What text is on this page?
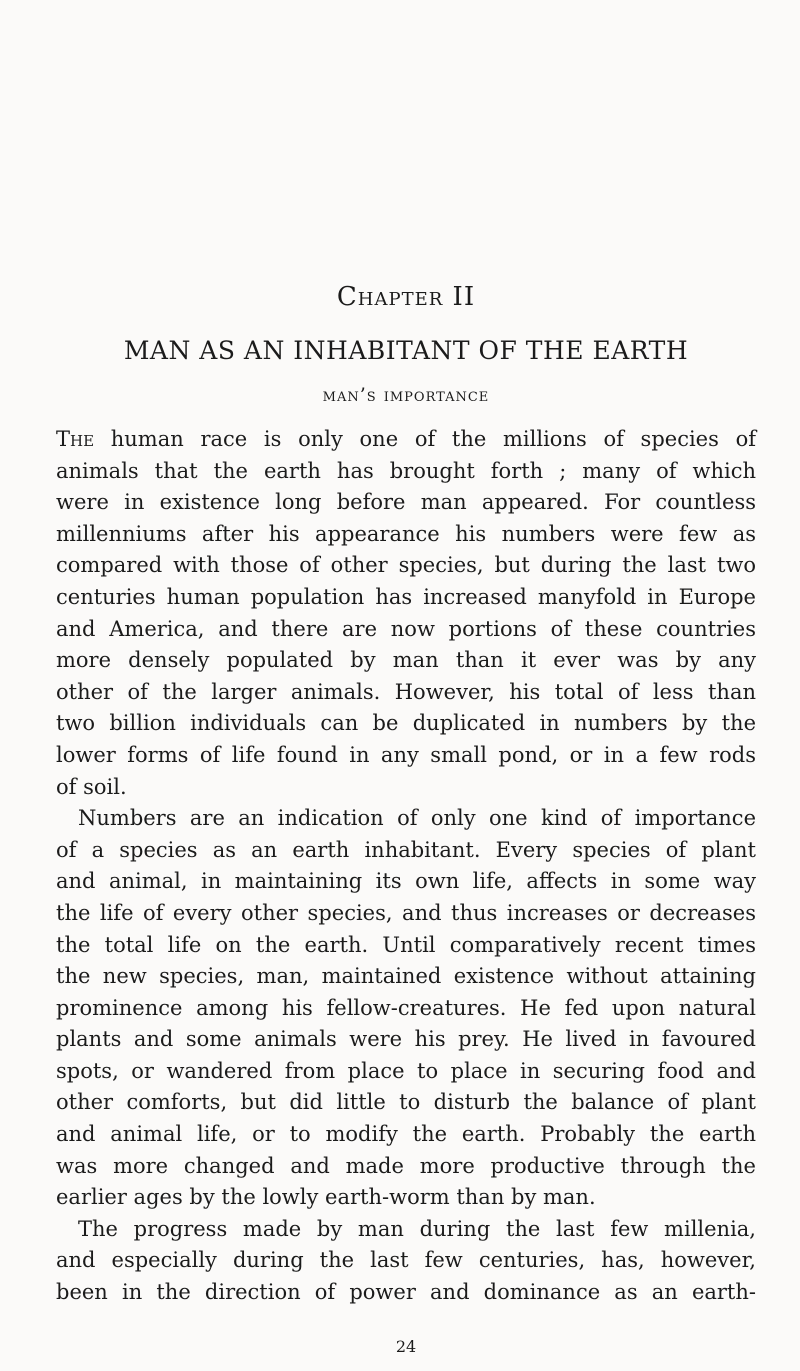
Chapter II
MAN AS AN INHABITANT OF THE EARTH
man’s importance
The human race is only one of the millions of species of
animals that the earth has brought forth ; many of which
were in existence long before man appeared. For countless
millenniums after his appearance his numbers were few as
compared with those of other species, but during the last two
centuries human population has increased manyfold in Europe
and America, and there are now portions of these countries
more densely populated by man than it ever was by any
other of the larger animals. However, his total of less than
two billion individuals can be duplicated in numbers by the
lower forms of life found in any small pond, or in a few rods
of soil.
Numbers are an indication of only one kind of importance
of a species as an earth inhabitant. Every species of plant
and animal, in maintaining its own life, affects in some way
the life of every other species, and thus increases or decreases
the total life on the earth. Until comparatively recent times
the new species, man, maintained existence without attaining
prominence among his fellow-creatures. He fed upon natural
plants and some animals were his prey. He lived in favoured
spots, or wandered from place to place in securing food and
other comforts, but did little to disturb the balance of plant
and animal life, or to modify the earth. Probably the earth
was more changed and made more productive through the
earlier ages by the lowly earth-worm than by man.
The progress made by man during the last few millenia,
and especially during the last few centuries, has, however,
been in the direction of power and dominance as an earth-
24
